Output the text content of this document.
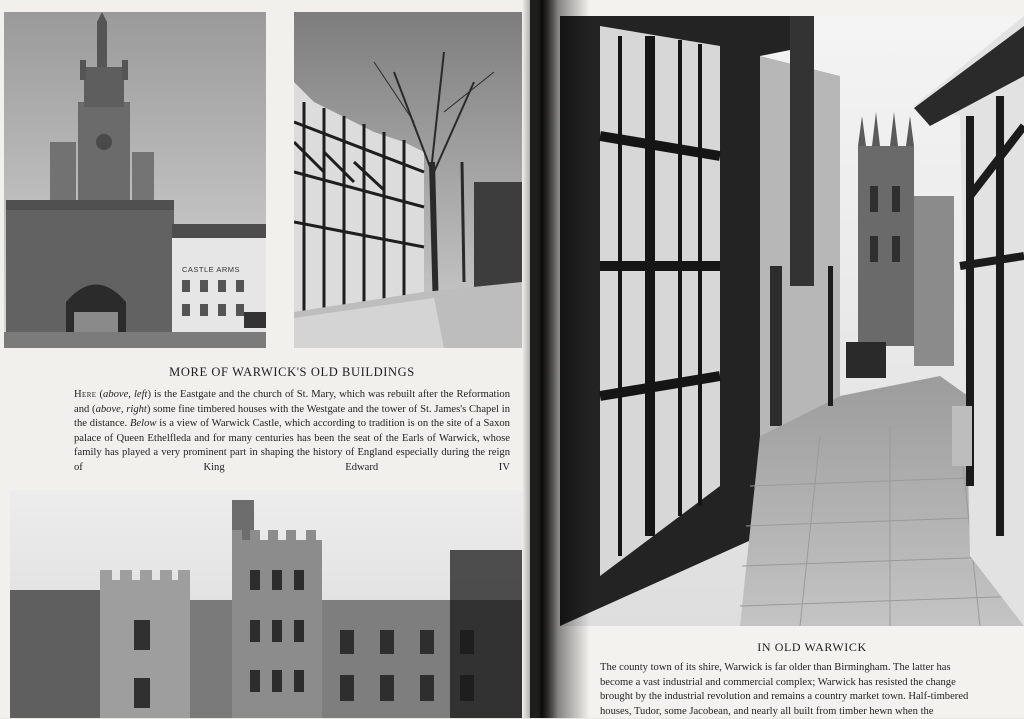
CASTLE ARMS
MORE OF WARWICK'S OLD BUILDINGS

Here (above, left) is the Eastgate and the church of St. Mary, which was rebuilt after the Reformation and (above, right) some fine timbered houses with the Westgate and the tower of St. James's Chapel in the distance. Below is a view of Warwick Castle, which according to tradition is on the site of a Saxon palace of Queen Ethelfleda and for many centuries has been the seat of the Earls of Warwick, whose family has played a very prominent part in shaping the history of England especially during the reign of King Edward IV

IN OLD WARWICK

The county town of its shire, Warwick is far older than Birmingham. The latter has

become a vast industrial and commercial complex; Warwick has resisted the change

brought by the industrial revolution and remains a country market town. Half-timbered

houses, Tudor, some Jacobean, and nearly all built from timber hewn when the
